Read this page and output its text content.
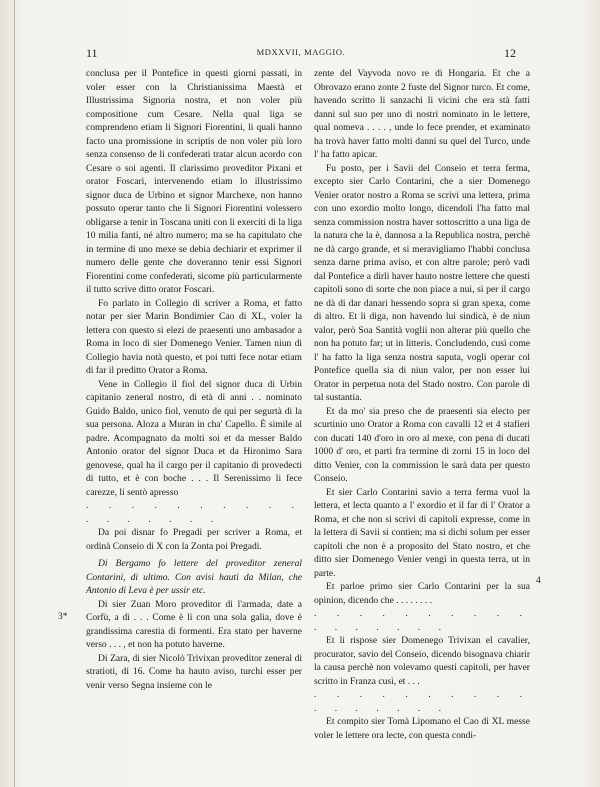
11	MDXXVII, MAGGIO.	12

conclusa per il Pontefice in questi giorni passati, in voler esser con la Christianissima Maestà et Illustrissima Signoria nostra, et non voler più compositione cum Cesare. Nella qual liga se comprendeno etiam li Signori Fiorentini, li quali hanno facto una promissione in scriptis de non voler più loro senza consenso de li confederati tratar alcun acordo con Cesare o soi agenti. Il clarissimo proveditor Pixani et orator Foscari, intervenendo etiam lo illustrissimo signor duca de Urbino et signor Marchexe, non hanno possuto operar tanto che li Signori Fiorentini volessero obligarse a tenir in Toscana uniti con li exerciti di la liga 10 milia fanti, né altro numero; ma se ha capitulato che in termine di uno mexe se debia dechiarir et exprimer il numero delle gente che doveranno tenir essi Signori Fiorentini come confederati, sicome più particularmente il tutto scrive ditto orator Foscari.

Fo parlato in Collegio di scriver a Roma, et fatto notar per sier Marin Bondimier Cao di XL, voler la lettera con questo si elezi de praesenti uno ambasador a Roma in loco di sier Domenego Venier. Tamen niun di Collegio havia notà questo, et poi tutti fece notar etiam di far il preditto Orator a Roma.

Vene in Collegio il fiol del signor duca di Urbin capitanio zeneral nostro, di età di anni . . nominato Guido Baldo, unico fiol, venuto de qui per segurtà di la sua persona. Aloza a Muran in cha' Capello. È simile al padre. Acompagnato da molti soi et da messer Baldo Antonio orator del signor Duca et da Hironimo Sara genovese, qual ha il cargo per il capitanio di provedecti di tutto, et è con boche . . . Il Serenissimo li fece carezze, li sentò apresso

. . . . . . . . . . . . . . . . .

Da poi disnar fo Pregadi per scriver a Roma, et ordinà Conseio di X con la Zonta poi Pregadi.

Di Bergamo fo lettere del proveditor zeneral Contarini, di ultimo. Con avisi hauti da Milan, che Antonio di Leva è per ussir etc.

Di sier Zuan Moro proveditor di l'armada, date a Corfù, a dì . . . Come è lì con una sola galia, dove è grandissima carestia di formenti. Era stato per haverne verso . . . , et non ha potuto haverne.

Di Zara, di sier Nicolò Trivixan proveditor zeneral di stratioti, di 16. Come ha hauto aviso, turchi esser per venir verso Segna insieme con le

zente del Vayvoda novo re di Hongaria. Et che a Obrovazo erano zonte 2 fuste del Signor turco. Et come, havendo scritto li sanzachi li vicini che era stà fatti danni sul suo per uno di nostri nominato in le lettere, qual nomeva . . . . , unde lo fece prender, et examinato ha trovà haver fatto molti danni su quel del Turco, unde l' ha fatto apicar.

Fu posto, per i Savii del Conseio et terra ferma, excepto sier Carlo Contarini, che a sier Domenego Venier orator nostro a Roma se scrivi una lettera, prima con uno exordio molto longo, dicendoli l'ha fatto mal senza commission nostra haver sottoscritto a una liga de la natura che la è, dannosa a la Republica nostra, perchè ne dà cargo grande, et si meravigliamo l'habbi conclusa senza darne prima aviso, et con altre parole; però vadi dal Pontefice a dirli haver hauto nostre lettere che questi capitoli sono di sorte che non piace a nui, sì per il cargo ne dà di dar danari hessendo sopra si gran spexa, come di altro. Et li diga, non havendo lui sindicà, è de niun valor, però Soa Santità voglii non alterar più quello che non ha potuto far; ut in litteris. Concludendo, cusì come l' ha fatto la liga senza nostra saputa, vogli operar col Pontefice quella sia di niun valor, per non esser lui Orator in perpetua nota del Stado nostro. Con parole di tal sustantia.

Et da mo' sia preso che de praesenti sia electo per scurtinio uno Orator a Roma con cavalli 12 et 4 stafieri con ducati 140 d'oro in oro al mexe, con pena di ducati 1000 d' oro, et parti fra termine di zorni 15 in loco del ditto Venier, con la commission le sarà data per questo Conseio.

Et sier Carlo Contarini savio a terra ferma vuol la lettera, et lecta quanto a l' exordio et il far di l' Orator a Roma, et che non si scrivi di capitoli expresse, come in la lettera di Savii si contien; ma si dichi solum per esser capitoli che non è a proposito del Stato nostro, et che ditto sier Domenego Venier vengi in questa terra, ut in parte.

Et parloe primo sier Carlo Contarini per la sua opinion, dicendo che . . . . . . . .

. . . . . . . . . . . . . . . . .

Et li rispose sier Domenego Trivixan el cavalier, procurator, savio del Conseio, dicendo bisognava chiarir la causa perchè non volevamo questi capitoli, per haver scritto in Franza cusì, et . . .

. . . . . . . . . . . . . . . . .

Et compito sier Tomà Lipomano el Cao di XL messe voler le lettere ora lecte, con questa condi-

3*
4
